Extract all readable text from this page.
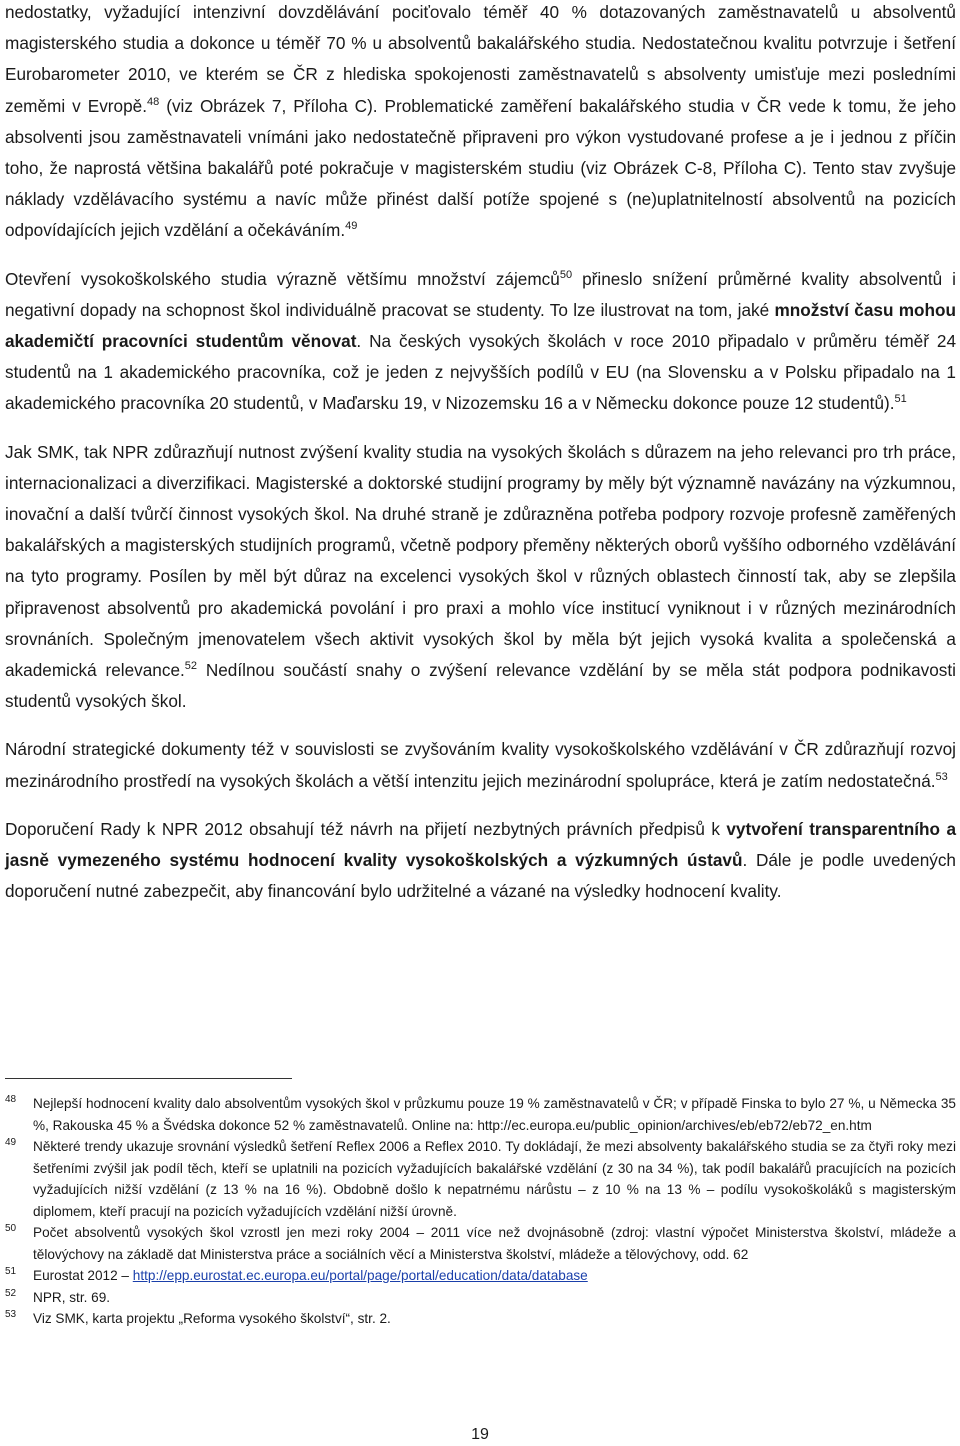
nedostatky, vyžadující intenzivní dovzdělávání pociťovalo téměř 40 % dotazovaných zaměstnavatelů u absolventů magisterského studia a dokonce u téměř 70 % u absolventů bakalářského studia. Nedostatečnou kvalitu potvrzuje i šetření Eurobarometer 2010, ve kterém se ČR z hlediska spokojenosti zaměstnavatelů s absolventy umisťuje mezi posledními zeměmi v Evropě.$^{48}$ (viz Obrázek 7, Příloha C). Problematické zaměření bakalářského studia v ČR vede k tomu, že jeho absolventi jsou zaměstnavateli vnímáni jako nedostatečně připraveni pro výkon vystudované profese a je i jednou z příčin toho, že naprostá většina bakalářů poté pokračuje v magisterském studiu (viz Obrázek C-8, Příloha C). Tento stav zvyšuje náklady vzdělávacího systému a navíc může přinést další potíže spojené s (ne)uplatnitelností absolventů na pozicích odpovídajících jejich vzdělání a očekáváním.$^{49}$

Otevření vysokoškolského studia výrazně většímu množství zájemců$^{50}$ přineslo snížení průměrné kvality absolventů i negativní dopady na schopnost škol individuálně pracovat se studenty. To lze ilustrovat na tom, jaké množství času mohou akademičtí pracovníci studentům věnovat. Na českých vysokých školách v roce 2010 připadalo v průměru téměř 24 studentů na 1 akademického pracovníka, což je jeden z nejvyšších podílů v EU (na Slovensku a v Polsku připadalo na 1 akademického pracovníka 20 studentů, v Maďarsku 19, v Nizozemsku 16 a v Německu dokonce pouze 12 studentů).$^{51}$

Jak SMK, tak NPR zdůrazňují nutnost zvýšení kvality studia na vysokých školách s důrazem na jeho relevanci pro trh práce, internacionalizaci a diverzifikaci. Magisterské a doktorské studijní programy by měly být významně navázány na výzkumnou, inovační a další tvůrčí činnost vysokých škol. Na druhé straně je zdůrazněna potřeba podpory rozvoje profesně zaměřených bakalářských a magisterských studijních programů, včetně podpory přeměny některých oborů vyššího odborného vzdělávání na tyto programy. Posílen by měl být důraz na excelenci vysokých škol v různých oblastech činností tak, aby se zlepšila připravenost absolventů pro akademická povolání i pro praxi a mohlo více institucí vyniknout i v různých mezinárodních srovnáních. Společným jmenovatelem všech aktivit vysokých škol by měla být jejich vysoká kvalita a společenská a akademická relevance.$^{52}$ Nedílnou součástí snahy o zvýšení relevance vzdělání by se měla stát podpora podnikavosti studentů vysokých škol.

Národní strategické dokumenty též v souvislosti se zvyšováním kvality vysokoškolského vzdělávání v ČR zdůrazňují rozvoj mezinárodního prostředí na vysokých školách a větší intenzitu jejich mezinárodní spolupráce, která je zatím nedostatečná.$^{53}$

Doporučení Rady k NPR 2012 obsahují též návrh na přijetí nezbytných právních předpisů k vytvoření transparentního a jasně vymezeného systému hodnocení kvality vysokoškolských a výzkumných ústavů. Dále je podle uvedených doporučení nutné zabezpečit, aby financování bylo udržitelné a vázané na výsledky hodnocení kvality.

48	Nejlepší hodnocení kvality dalo absolventům vysokých škol v průzkumu pouze 19 % zaměstnavatelů v ČR; v případě Finska to bylo 27 %, u Německa 35 %, Rakouska 45 % a Švédska dokonce 52 % zaměstnavatelů. Online na: http://ec.europa.eu/public_opinion/archives/eb/eb72/eb72_en.htm
49	Některé trendy ukazuje srovnání výsledků šetření Reflex 2006 a Reflex 2010. Ty dokládají, že mezi absolventy bakalářského studia se za čtyři roky mezi šetřeními zvýšil jak podíl těch, kteří se uplatnili na pozicích vyžadujících bakalářské vzdělání (z 30 na 34 %), tak podíl bakalářů pracujících na pozicích vyžadujících nižší vzdělání (z 13 % na 16 %). Obdobně došlo k nepatrnému nárůstu – z 10 % na 13 % – podílu vysokoškoláků s magisterským diplomem, kteří pracují na pozicích vyžadujících vzdělání nižší úrovně.
50	Počet absolventů vysokých škol vzrostl jen mezi roky 2004 – 2011 více než dvojnásobně (zdroj: vlastní výpočet Ministerstva školství, mládeže a tělovýchovy na základě dat Ministerstva práce a sociálních věcí a Ministerstva školství, mládeže a tělovýchovy, odd. 62
51	Eurostat 2012 – http://epp.eurostat.ec.europa.eu/portal/page/portal/education/data/database
52	NPR, str. 69.
53	Viz SMK, karta projektu „Reforma vysokého školství“, str. 2.
19
